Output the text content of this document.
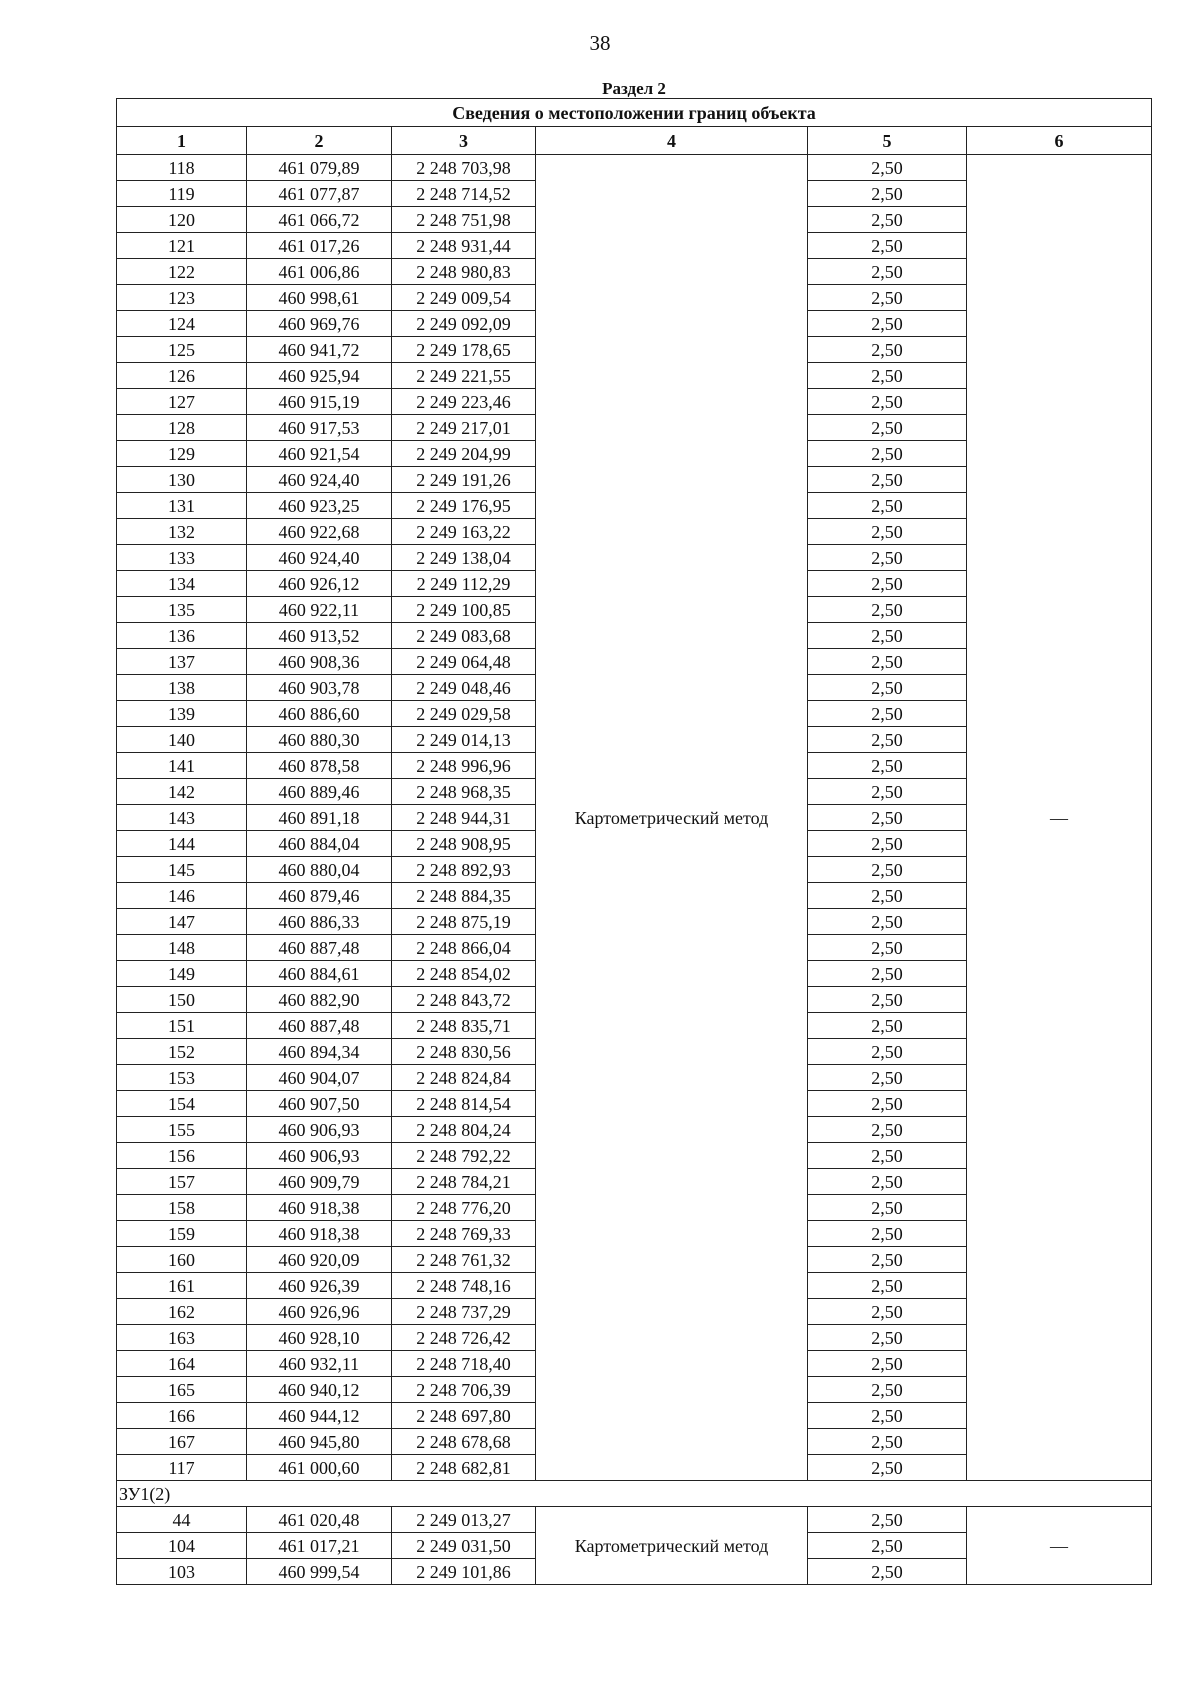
38
Раздел 2					
Сведения о местоположении границ объекта					
1	2	3	4	5	6
118	461 079,89	2 248 703,98	Картометрический метод	2,50	—
119	461 077,87	2 248 714,52		2,50	
120	461 066,72	2 248 751,98		2,50	
121	461 017,26	2 248 931,44		2,50	
122	461 006,86	2 248 980,83		2,50	
123	460 998,61	2 249 009,54		2,50	
124	460 969,76	2 249 092,09		2,50	
125	460 941,72	2 249 178,65		2,50	
126	460 925,94	2 249 221,55		2,50	
127	460 915,19	2 249 223,46		2,50	
128	460 917,53	2 249 217,01		2,50	
129	460 921,54	2 249 204,99		2,50	
130	460 924,40	2 249 191,26		2,50	
131	460 923,25	2 249 176,95		2,50	
132	460 922,68	2 249 163,22		2,50	
133	460 924,40	2 249 138,04		2,50	
134	460 926,12	2 249 112,29		2,50	
135	460 922,11	2 249 100,85		2,50	
136	460 913,52	2 249 083,68		2,50	
137	460 908,36	2 249 064,48		2,50	
138	460 903,78	2 249 048,46		2,50	
139	460 886,60	2 249 029,58		2,50	
140	460 880,30	2 249 014,13		2,50	
141	460 878,58	2 248 996,96		2,50	
142	460 889,46	2 248 968,35		2,50	
143	460 891,18	2 248 944,31		2,50	
144	460 884,04	2 248 908,95		2,50	
145	460 880,04	2 248 892,93		2,50	
146	460 879,46	2 248 884,35		2,50	
147	460 886,33	2 248 875,19		2,50	
148	460 887,48	2 248 866,04		2,50	
149	460 884,61	2 248 854,02		2,50	
150	460 882,90	2 248 843,72		2,50	
151	460 887,48	2 248 835,71		2,50	
152	460 894,34	2 248 830,56		2,50	
153	460 904,07	2 248 824,84		2,50	
154	460 907,50	2 248 814,54		2,50	
155	460 906,93	2 248 804,24		2,50	
156	460 906,93	2 248 792,22		2,50	
157	460 909,79	2 248 784,21		2,50	
158	460 918,38	2 248 776,20		2,50	
159	460 918,38	2 248 769,33		2,50	
160	460 920,09	2 248 761,32		2,50	
161	460 926,39	2 248 748,16		2,50	
162	460 926,96	2 248 737,29		2,50	
163	460 928,10	2 248 726,42		2,50	
164	460 932,11	2 248 718,40		2,50	
165	460 940,12	2 248 706,39		2,50	
166	460 944,12	2 248 697,80		2,50	
167	460 945,80	2 248 678,68		2,50	
117	461 000,60	2 248 682,81		2,50	
ЗУ1(2)					
44	461 020,48	2 249 013,27	Картометрический метод	2,50	—
104	461 017,21	2 249 031,50		2,50	
103	460 999,54	2 249 101,86		2,50	
